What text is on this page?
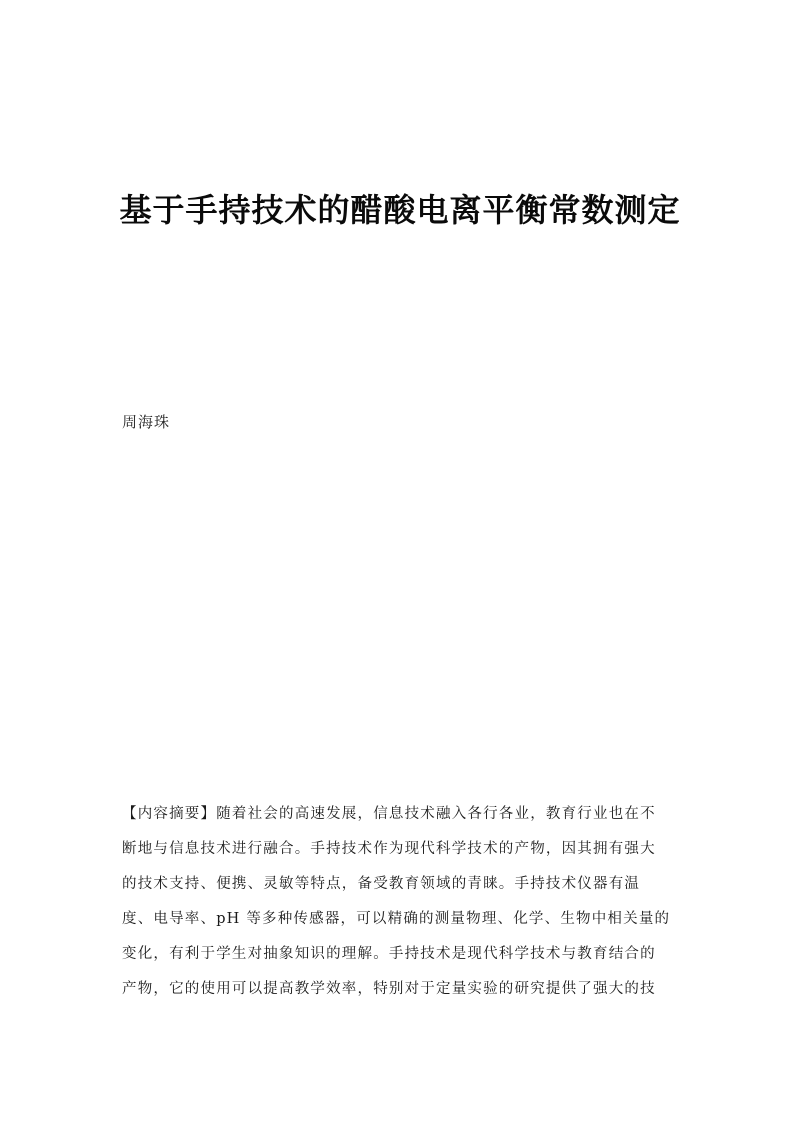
基于手持技术的醋酸电离平衡常数测定
周海珠
【内容摘要】随着社会的高速发展，信息技术融入各行各业，教育行业也在不
断地与信息技术进行融合。手持技术作为现代科学技术的产物，因其拥有强大
的技术支持、便携、灵敏等特点，备受教育领域的青睐。手持技术仪器有温
度、电导率、pH 等多种传感器，可以精确的测量物理、化学、生物中相关量的
变化，有利于学生对抽象知识的理解。手持技术是现代科学技术与教育结合的
产物，它的使用可以提高教学效率，特别对于定量实验的研究提供了强大的技
